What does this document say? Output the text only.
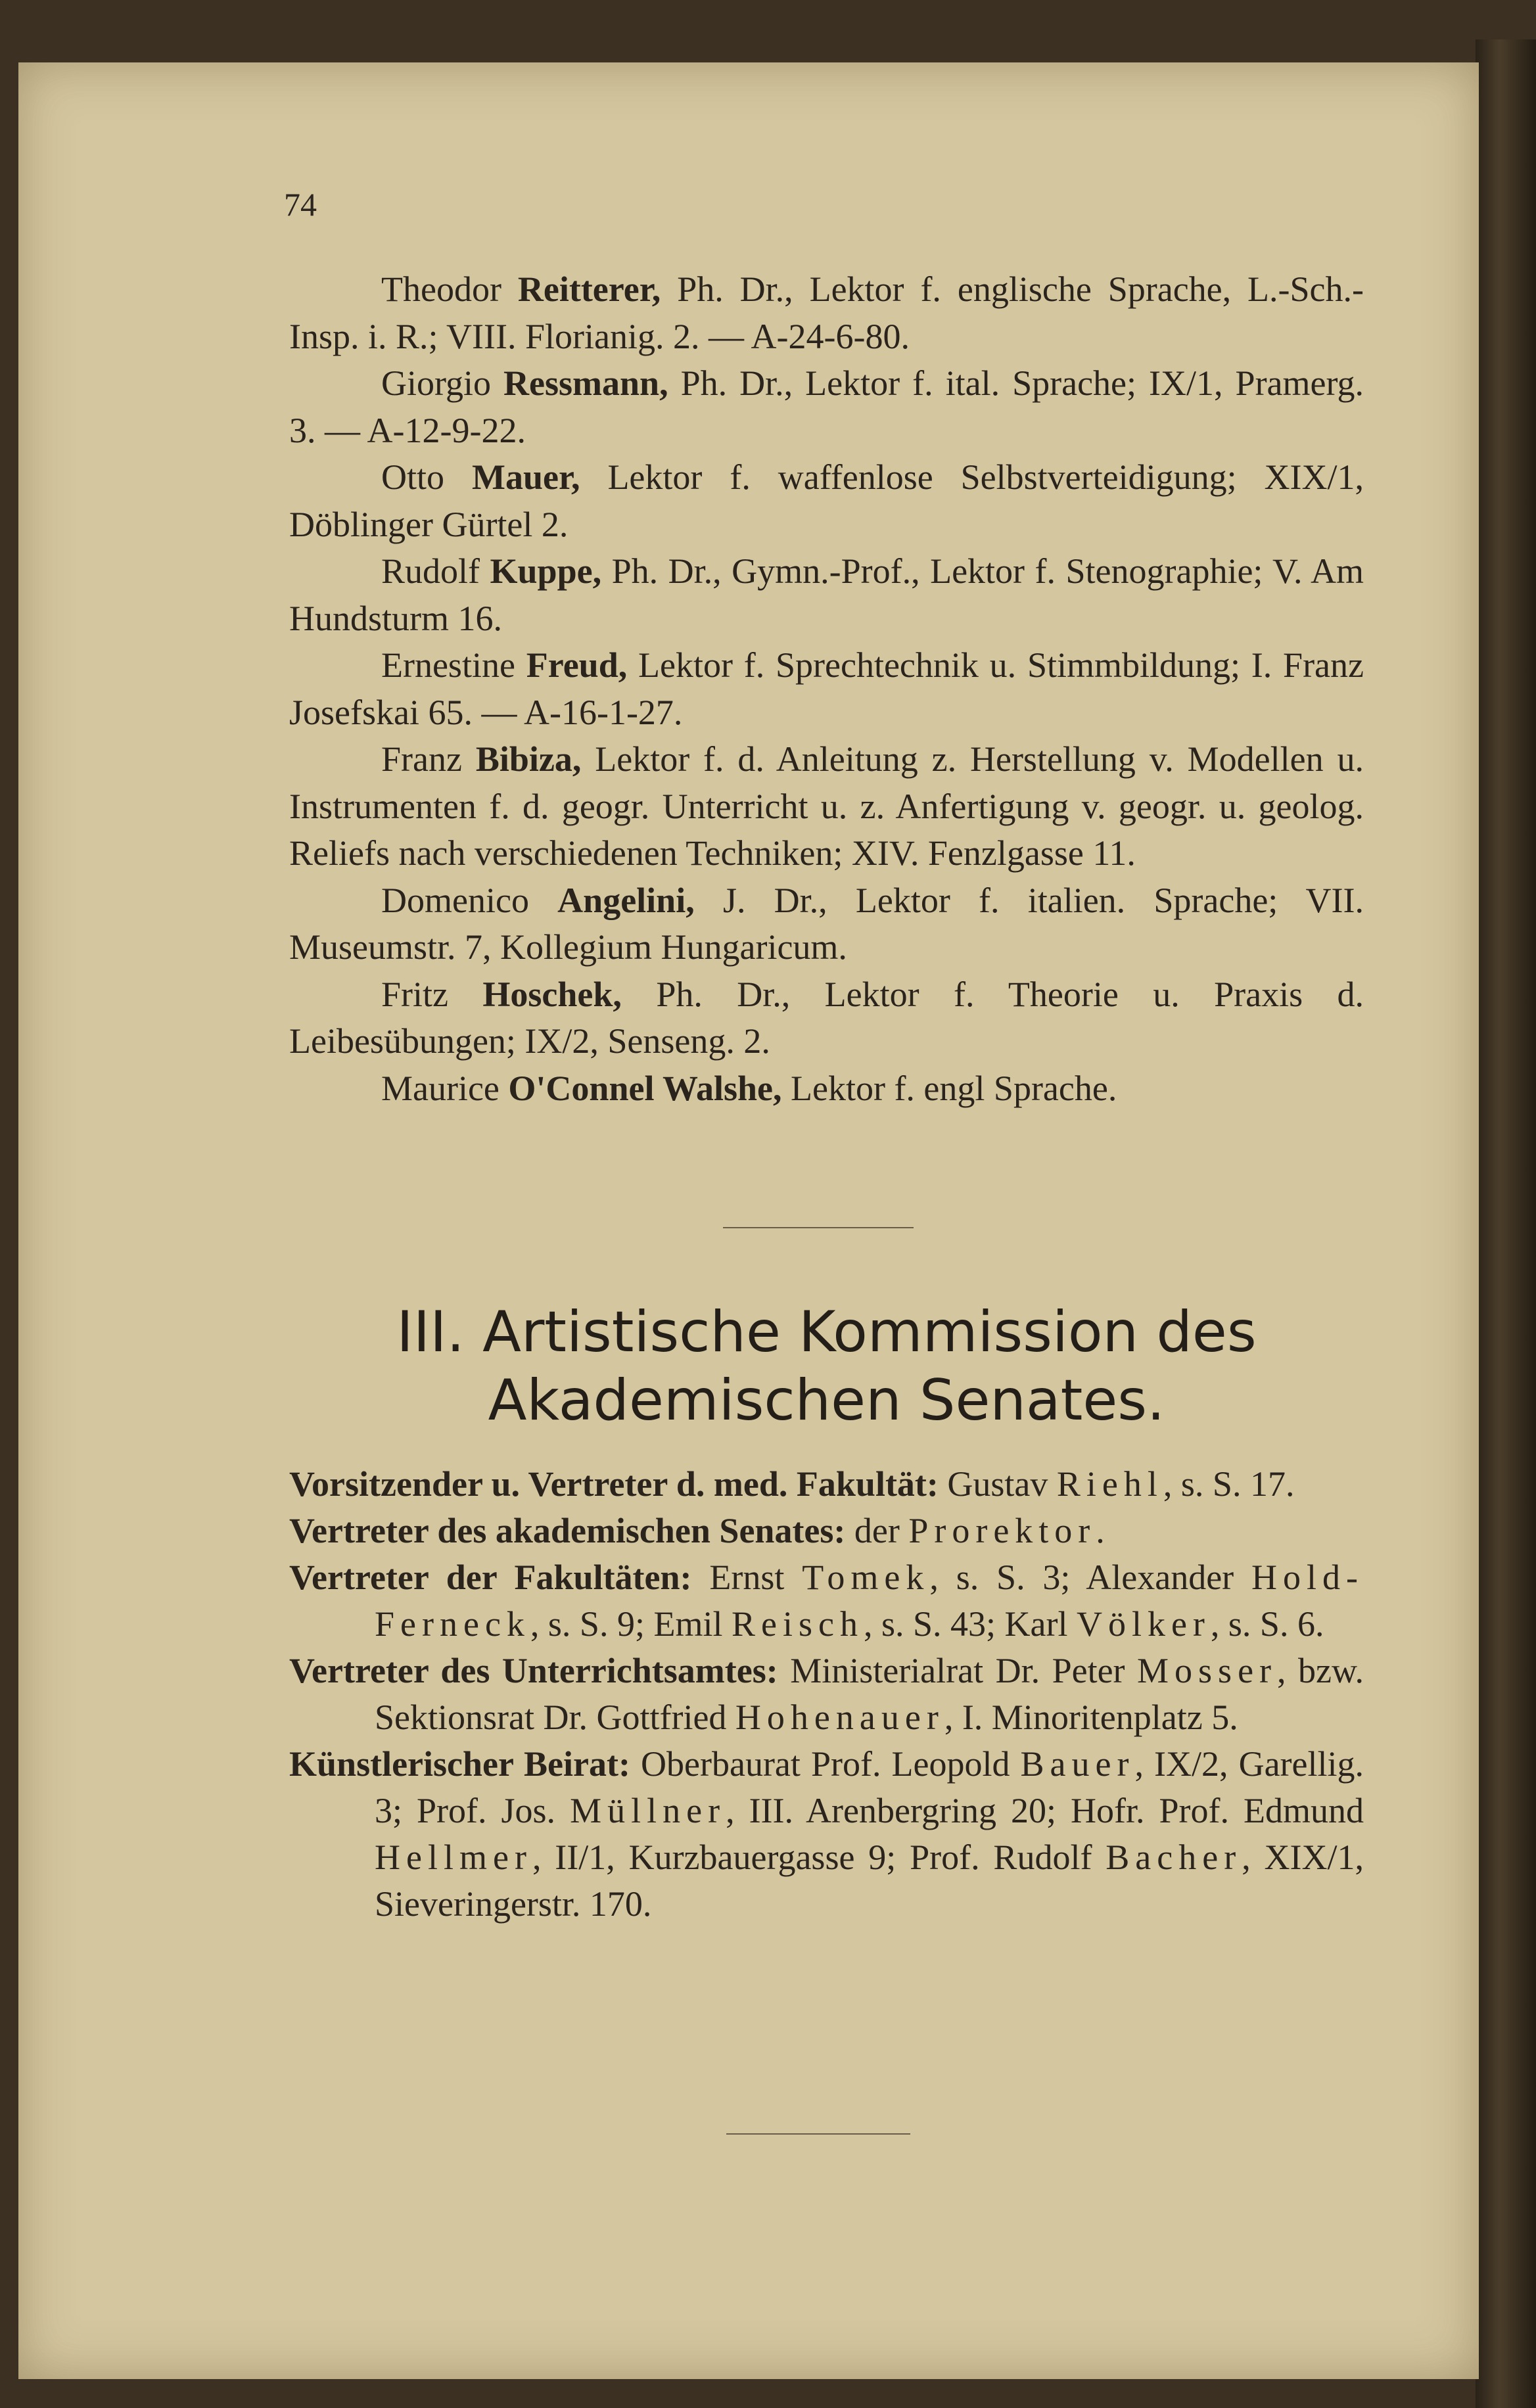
74

Theodor Reitterer, Ph. Dr., Lektor f. englische Sprache, L.-Sch.-Insp. i. R.; VIII. Florianig. 2. — A-24-6-80.

Giorgio Ressmann, Ph. Dr., Lektor f. ital. Sprache; IX/1, Pramerg. 3. — A-12-9-22.

Otto Mauer, Lektor f. waffenlose Selbstverteidigung; XIX/1, Döblinger Gürtel 2.

Rudolf Kuppe, Ph. Dr., Gymn.-Prof., Lektor f. Stenographie; V. Am Hundsturm 16.

Ernestine Freud, Lektor f. Sprechtechnik u. Stimmbildung; I. Franz Josefskai 65. — A-16-1-27.

Franz Bibiza, Lektor f. d. Anleitung z. Herstellung v. Modellen u. Instrumenten f. d. geogr. Unterricht u. z. Anfertigung v. geogr. u. geolog. Reliefs nach verschiedenen Techniken; XIV. Fenzlgasse 11.

Domenico Angelini, J. Dr., Lektor f. italien. Sprache; VII. Museumstr. 7, Kollegium Hungaricum.

Fritz Hoschek, Ph. Dr., Lektor f. Theorie u. Praxis d. Leibesübungen; IX/2, Senseng. 2.

Maurice O'Connel Walshe, Lektor f. engl Sprache.

III. Artistische Kommission des
Akademischen Senates.

Vorsitzender u. Vertreter d. med. Fakultät: Gustav Riehl, s. S. 17.

Vertreter des akademischen Senates: der Prorektor.

Vertreter der Fakultäten: Ernst Tomek, s. S. 3; Alexander Hold-Ferneck, s. S. 9; Emil Reisch, s. S. 43; Karl Völker, s. S. 6.

Vertreter des Unterrichtsamtes: Ministerialrat Dr. Peter Mosser, bzw. Sektionsrat Dr. Gottfried Hohenauer, I. Minoritenplatz 5.

Künstlerischer Beirat: Oberbaurat Prof. Leopold Bauer, IX/2, Garellig. 3; Prof. Jos. Müllner, III. Arenbergring 20; Hofr. Prof. Edmund Hellmer, II/1, Kurzbauergasse 9; Prof. Rudolf Bacher, XIX/1, Sieveringerstr. 170.
